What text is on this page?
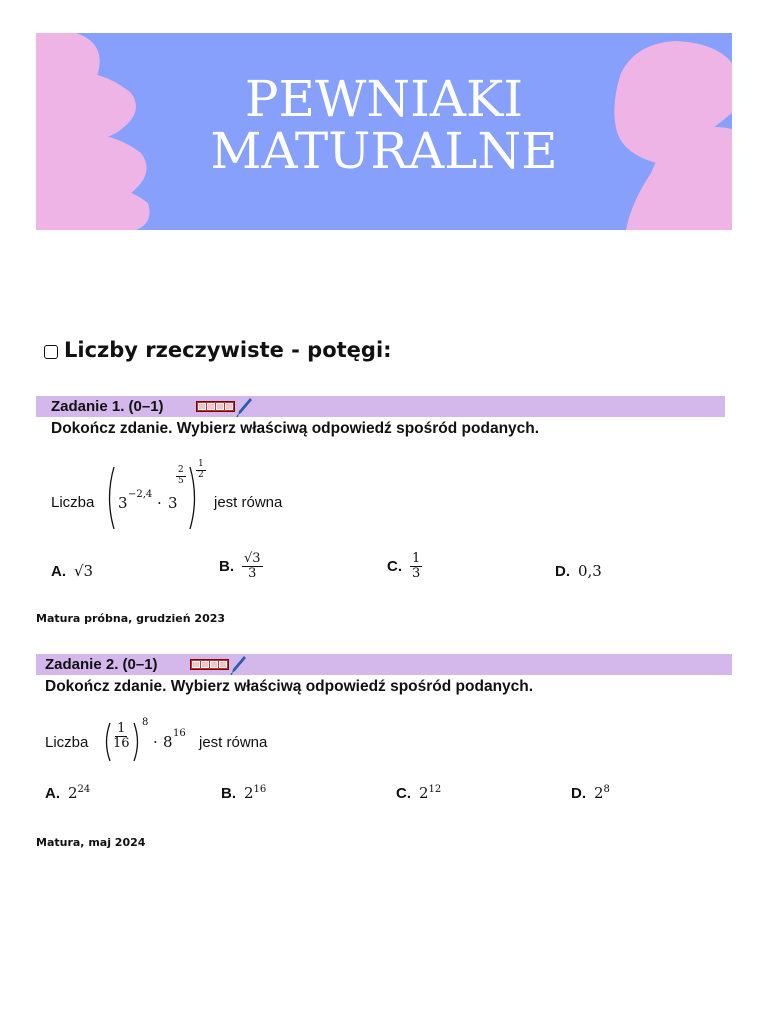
PEWNIAKI
MATURALNE
Liczby rzeczywiste - potęgi:
Zadanie 1. (0–1)
Dokończ zdanie. Wybierz właściwą odpowiedź spośród podanych.
Liczba 3 −2,4 · 3
$\frac{2}{5} \frac{1}{2}$
jest równa
A. √3	B. $\frac{√3}{3}$	C. $\frac{1}{3}$	D. 0,3
Matura próbna, grudzień 2023
Zadanie 2. (0–1)
Dokończ zdanie. Wybierz właściwą odpowiedź spośród podanych.
Liczba $\frac{1}{16} 8$
· 8 16
jest równa
A. $2^{24}$	B. $2^{16}$	C. $2^{12}$	D. $2^8$
Matura, maj 2024
